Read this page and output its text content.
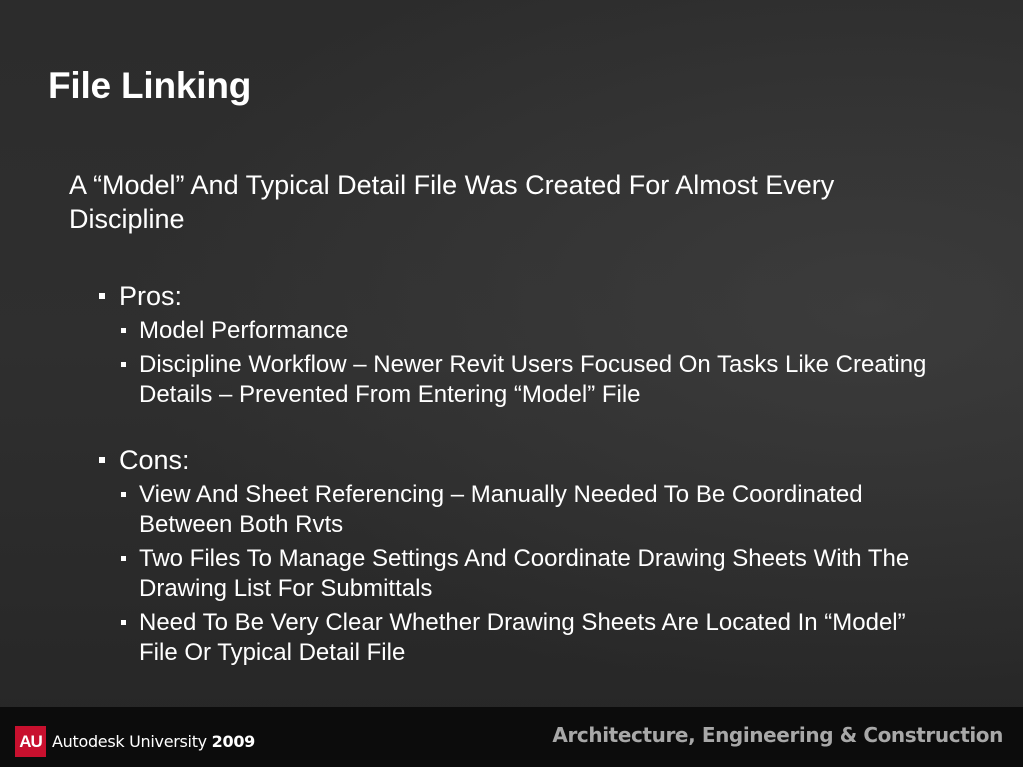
File Linking

A “Model” And Typical Detail File Was Created For Almost Every Discipline

Pros:

Model Performance
Discipline Workflow – Newer Revit Users Focused On Tasks Like Creating Details – Prevented From Entering “Model” File

Cons:

View And Sheet Referencing – Manually Needed To Be Coordinated Between Both Rvts
Two Files To Manage Settings And Coordinate Drawing Sheets With The Drawing List For Submittals
Need To Be Very Clear Whether Drawing Sheets Are Located In “Model” File Or Typical Detail File
AU Autodesk University 2009	Architecture, Engineering & Construction
